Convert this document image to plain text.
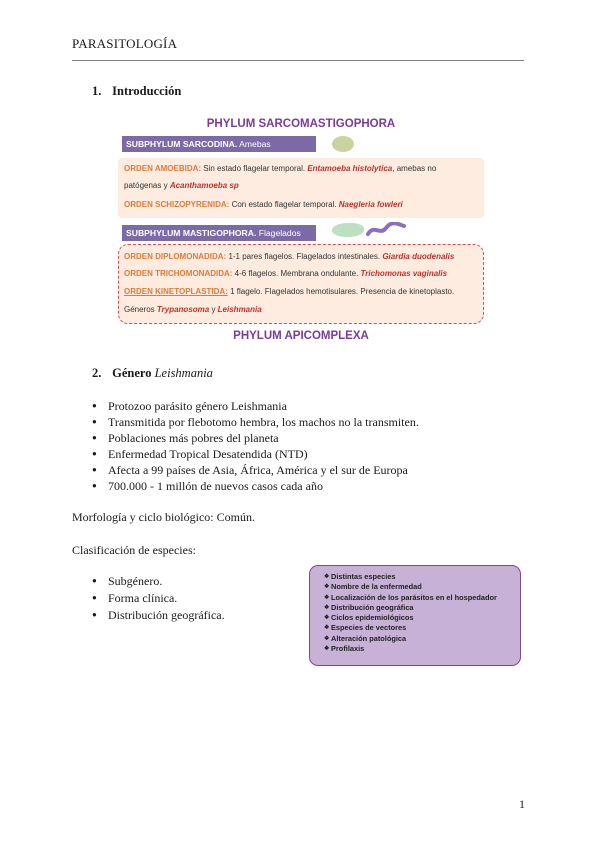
PARASITOLOGÍA
1. Introducción
PHYLUM SARCOMASTIGOPHORA
SUBPHYLUM SARCODINA. Amebas
ORDEN AMOEBIDA: Sin estado flagelar temporal. Entamoeba histolytica, amebas no
patógenas y Acanthamoeba sp
ORDEN SCHIZOPYRENIDA: Con estado flagelar temporal. Naegleria fowleri
SUBPHYLUM MASTIGOPHORA. Flagelados
ORDEN DIPLOMONADIDA: 1-1 pares flagelos. Flagelados intestinales. Giardia duodenalis
ORDEN TRICHOMONADIDA: 4-6 flagelos. Membrana ondulante. Trichomonas vaginalis
ORDEN KINETOPLASTIDA: 1 flagelo. Flagelados hemotisulares. Presencia de kinetoplasto.
Géneros Trypanosoma y Leishmania
PHYLUM APICOMPLEXA
2. Género Leishmania
● Protozoo parásito género Leishmania
● Transmitida por flebotomo hembra, los machos no la transmiten.
● Poblaciones más pobres del planeta
● Enfermedad Tropical Desatendida (NTD)
● Afecta a 99 países de Asia, África, América y el sur de Europa
● 700.000 - 1 millón de nuevos casos cada año
Morfología y ciclo biológico: Común.
Clasificación de especies:
● Subgénero.
● Forma clínica.
● Distribución geográfica.
❖ Distintas especies
❖ Nombre de la enfermedad
❖ Localización de los parásitos en el hospedador
❖ Distribución geográfica
❖ Ciclos epidemiológicos
❖ Especies de vectores
❖ Alteración patológica
❖ Profilaxis
1
